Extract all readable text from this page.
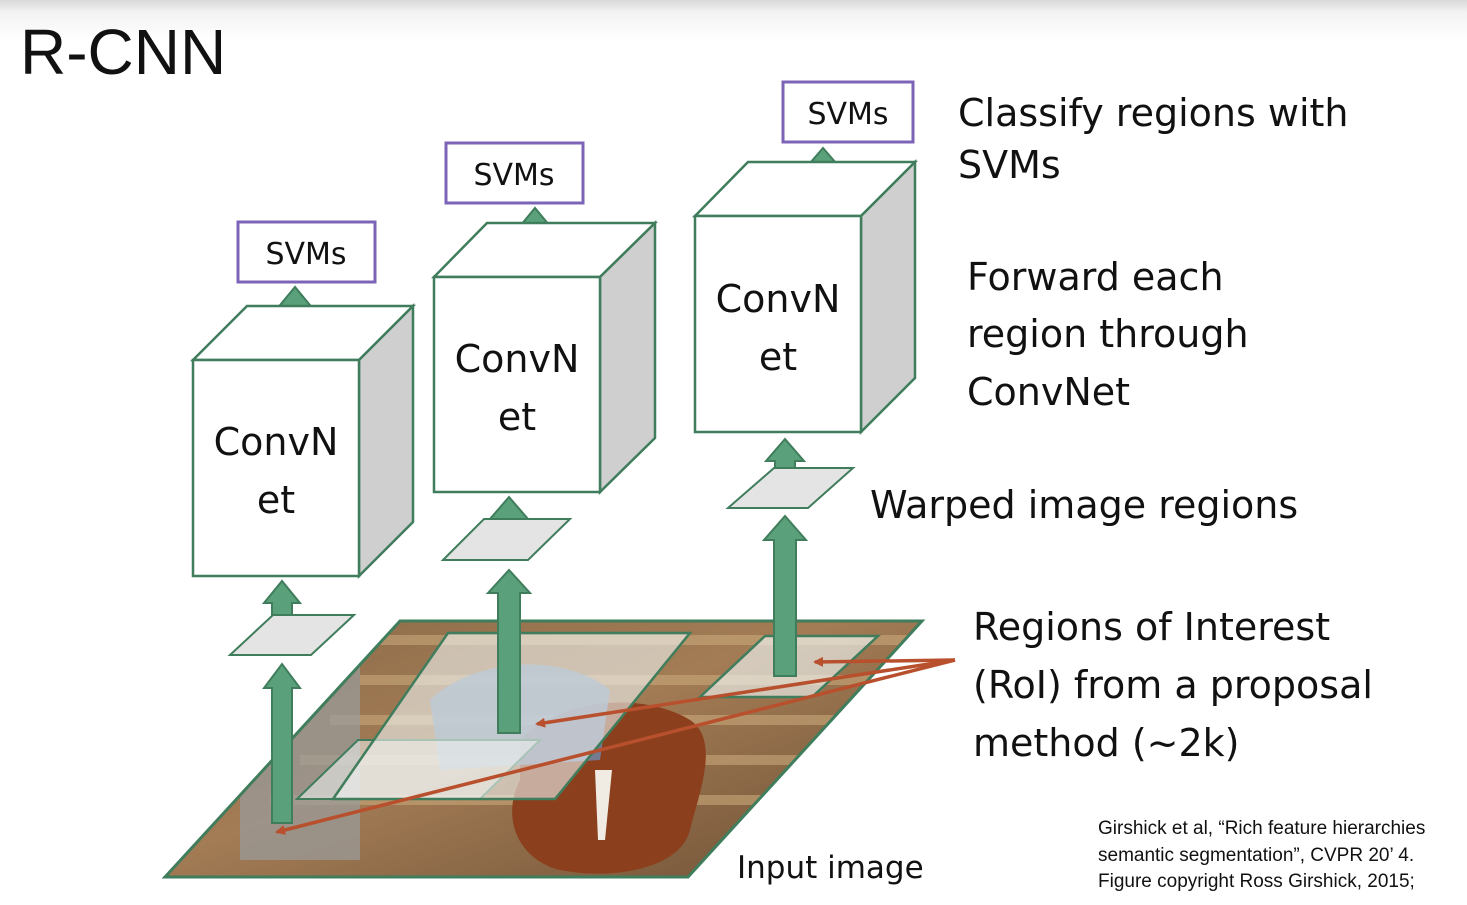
R-CNN
ConvN
et
ConvN
et
ConvN
et
SVMs
SVMs
SVMs Classify regions with
SVMs
Forward each
region through
ConvNet
Warped image regions
Regions of Interest
(RoI) from a proposal
method (~2k)
Input image
Girshick et al, “Rich feature hierarchies
semantic segmentation”, CVPR 20’ 4.
Figure copyright Ross Girshick, 2015;
